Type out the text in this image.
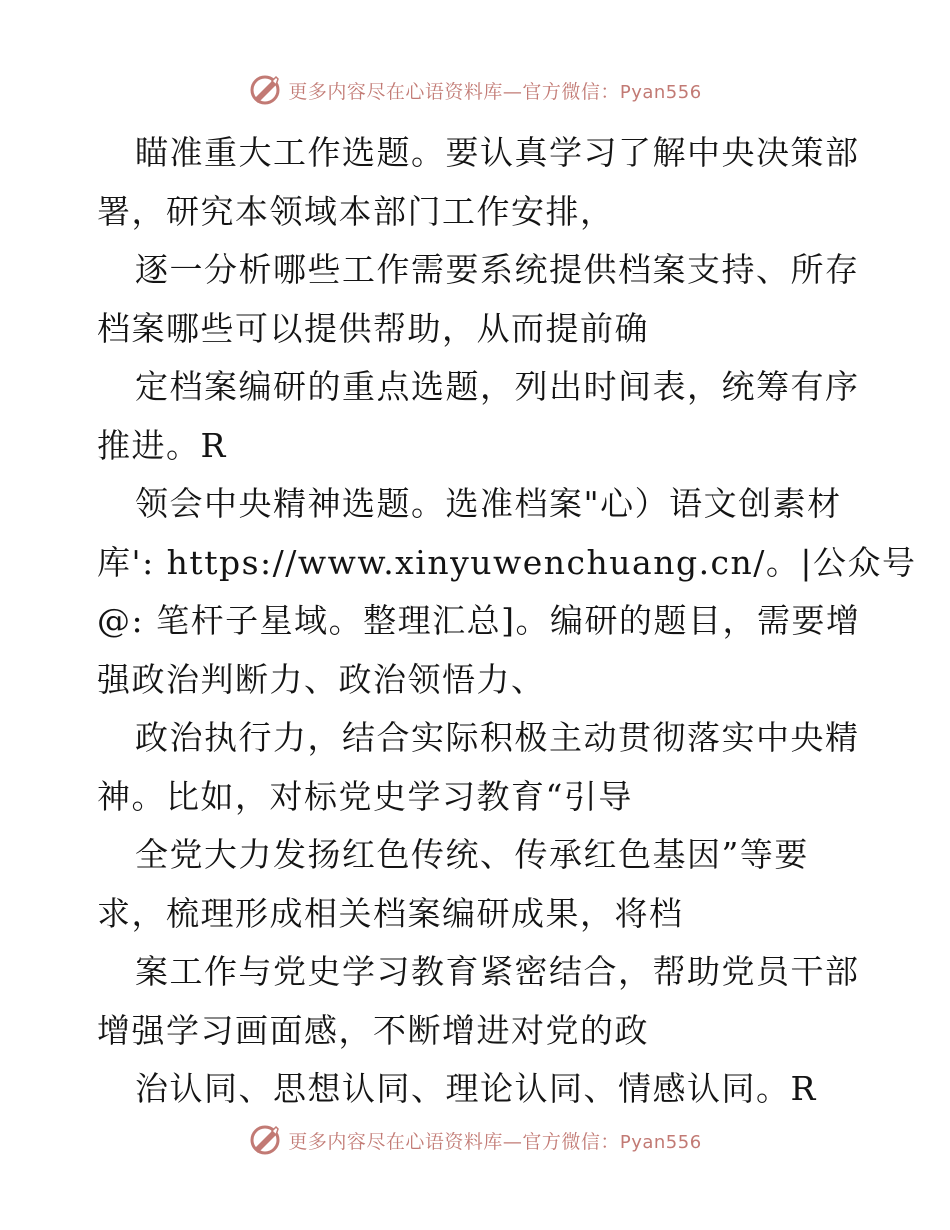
更多内容尽在心语资料库—官方微信：Pyan556
瞄准重大工作选题。要认真学习了解中央决策部
署，研究本领域本部门工作安排，
逐一分析哪些工作需要系统提供档案支持、所存
档案哪些可以提供帮助，从而提前确
定档案编研的重点选题，列出时间表，统筹有序
推进。R
领会中央精神选题。选准档案"心）语文创素材
库': https://www.xinyuwenchuang.cn/。|公众号
@: 笔杆子星域。整理汇总]。编研的题目，需要增
强政治判断力、政治领悟力、
政治执行力，结合实际积极主动贯彻落实中央精
神。比如，对标党史学习教育“引导
全党大力发扬红色传统、传承红色基因”等要
求，梳理形成相关档案编研成果，将档
案工作与党史学习教育紧密结合，帮助党员干部
增强学习画面感，不断增进对党的政
治认同、思想认同、理论认同、情感认同。R
更多内容尽在心语资料库—官方微信：Pyan556
